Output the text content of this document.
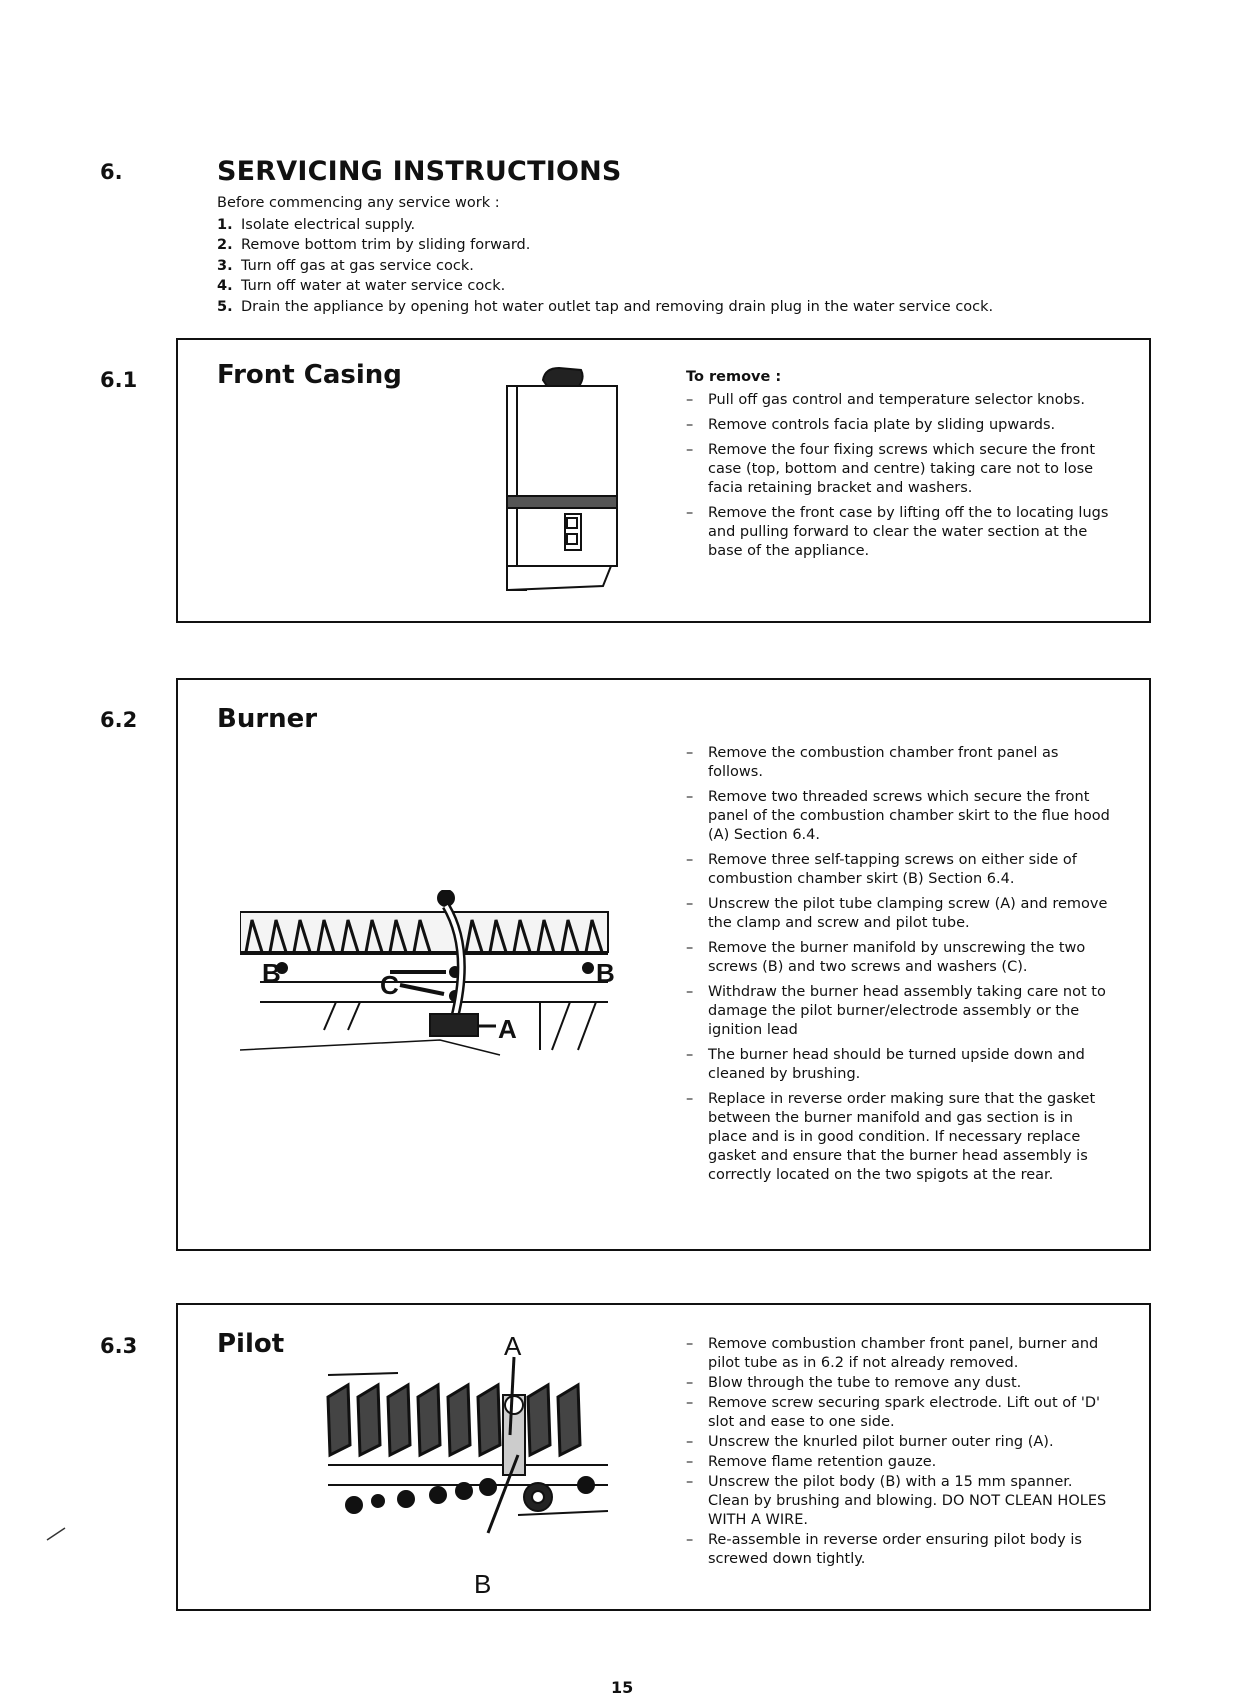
6.	SERVICING INSTRUCTIONS
Before commencing any service work :
1. Isolate electrical supply.
2. Remove bottom trim by sliding forward.
3. Turn off gas at gas service cock.
4. Turn off water at water service cock.
5. Drain the appliance by opening hot water outlet tap and removing drain plug in the water service cock.
6.1	Front Casing	To remove :
– Pull off gas control and temperature selector knobs.
– Remove controls facia plate by sliding upwards.
– Remove the four fixing screws which secure the front case (top, bottom and centre) taking care not to lose facia retaining bracket and washers.
– Remove the front case by lifting off the to locating lugs and pulling forward to clear the water section at the base of the appliance.
6.2	Burner
B	B
C
A
– Remove the combustion chamber front panel as follows.
– Remove two threaded screws which secure the front panel of the combustion chamber skirt to the flue hood (A) Section 6.4.
– Remove three self-tapping screws on either side of combustion chamber skirt (B) Section 6.4.
– Unscrew the pilot tube clamping screw (A) and remove the clamp and screw and pilot tube.
– Remove the burner manifold by unscrewing the two screws (B) and two screws and washers (C).
– Withdraw the burner head assembly taking care not to damage the pilot burner/electrode assembly or the ignition lead
– The burner head should be turned upside down and cleaned by brushing.
– Replace in reverse order making sure that the gasket between the burner manifold and gas section is in place and is in good condition. If necessary replace gasket and ensure that the burner head assembly is correctly located on the two spigots at the rear.
6.3	Pilot	A
B
– Remove combustion chamber front panel, burner and pilot tube as in 6.2 if not already removed.
– Blow through the tube to remove any dust.
– Remove screw securing spark electrode. Lift out of 'D' slot and ease to one side.
– Unscrew the knurled pilot burner outer ring (A).
– Remove flame retention gauze.
– Unscrew the pilot body (B) with a 15 mm spanner. Clean by brushing and blowing. DO NOT CLEAN HOLES WITH A WIRE.
– Re-assemble in reverse order ensuring pilot body is screwed down tightly.
15
